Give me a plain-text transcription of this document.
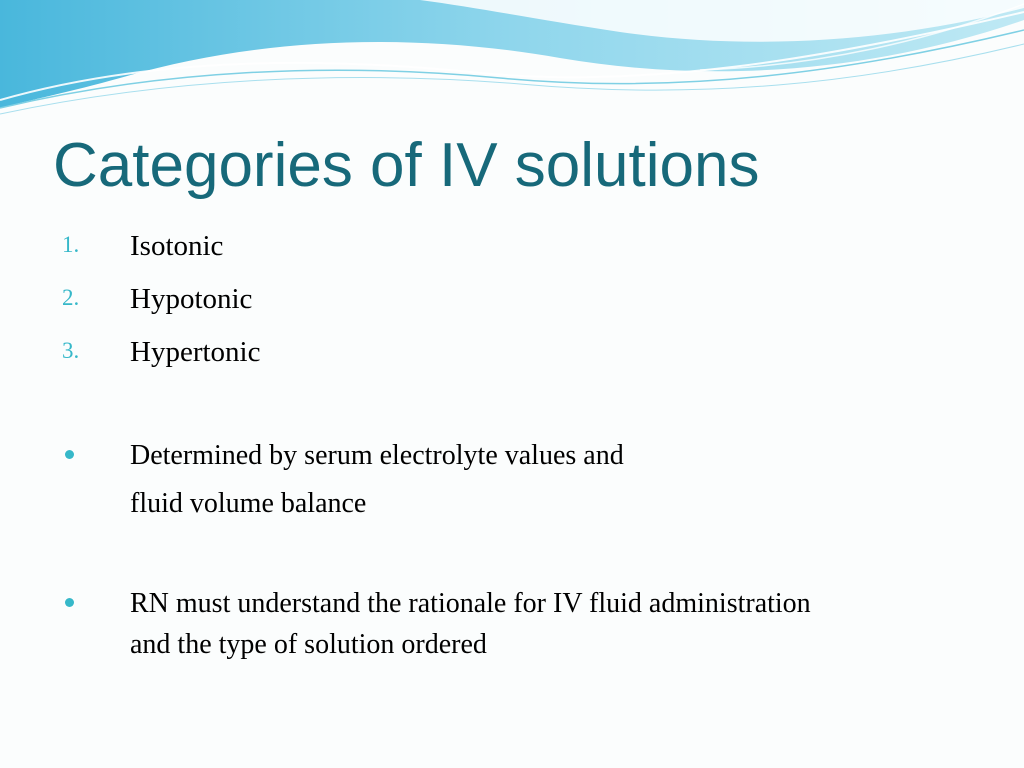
Categories of IV solutions
1. Isotonic
2. Hypotonic
3. Hypertonic
Determined by serum electrolyte values and
fluid volume balance
RN must understand the rationale for IV fluid administration
and the type of solution ordered
